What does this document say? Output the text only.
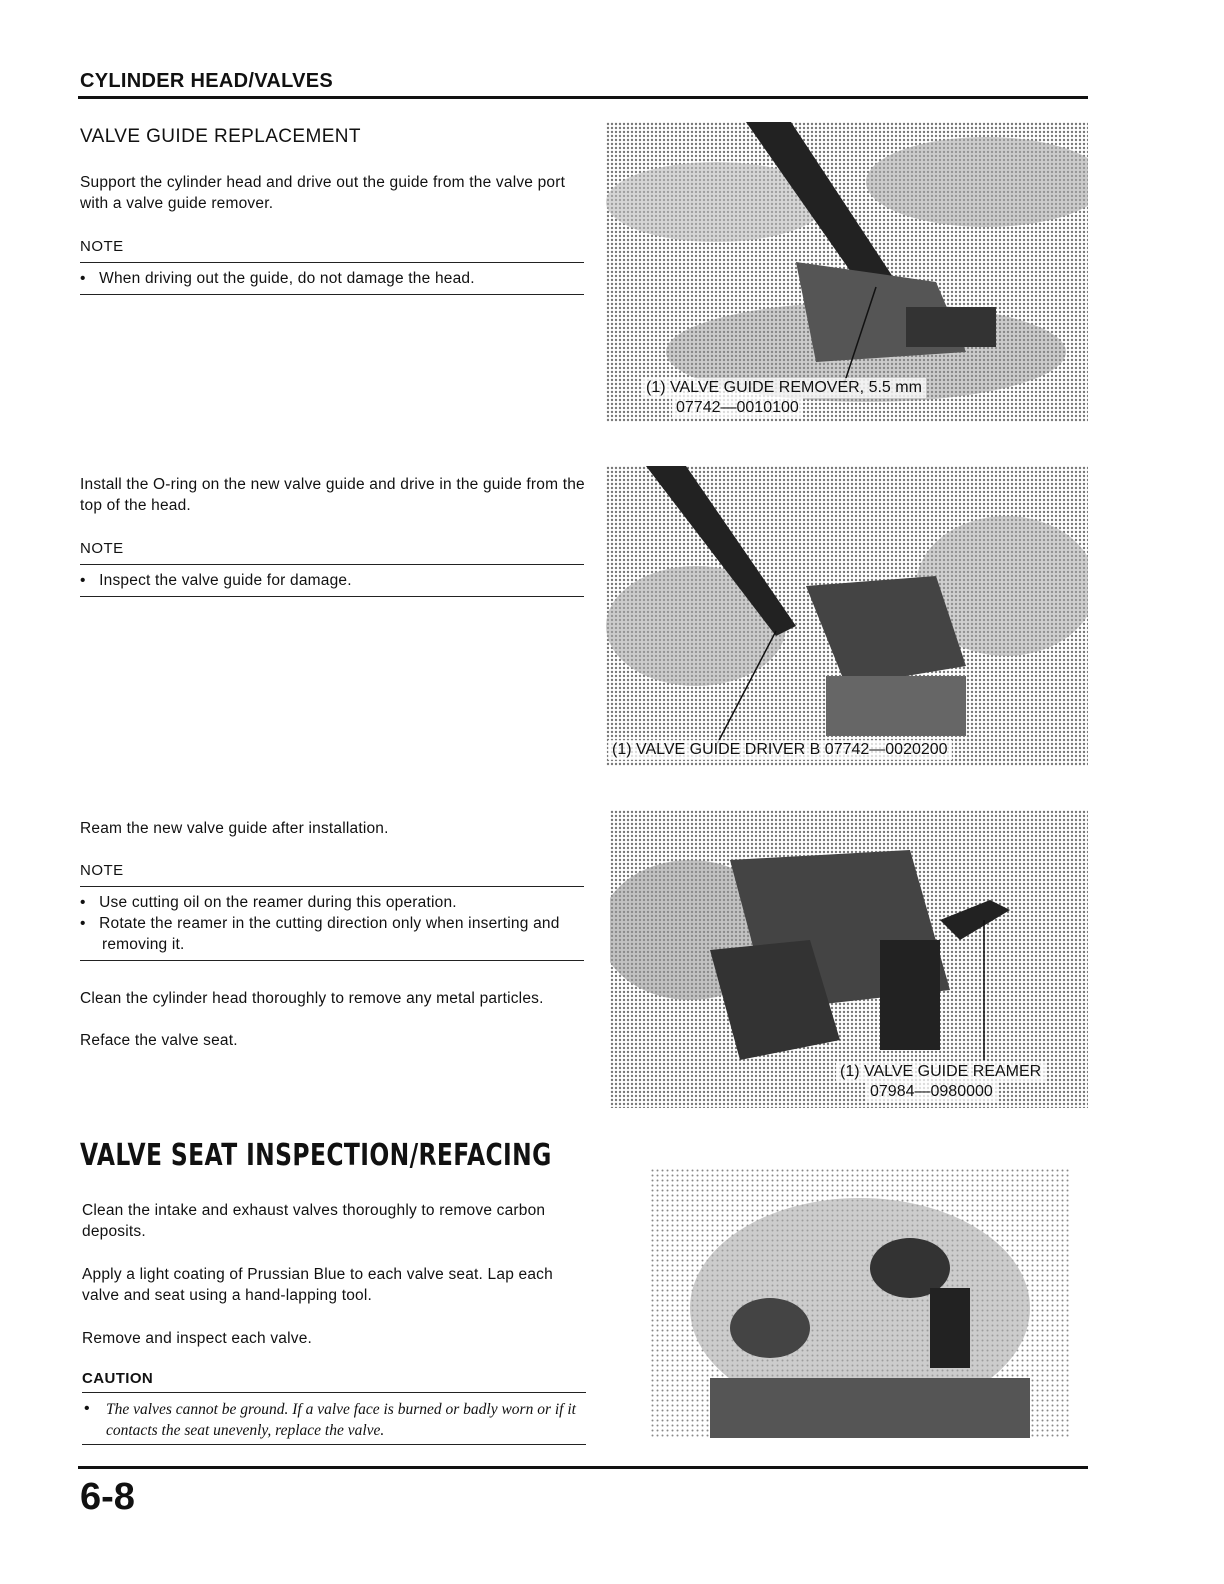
CYLINDER HEAD/VALVES
VALVE GUIDE REPLACEMENT
Support the cylinder head and drive out the guide from the valve port with a valve guide remover.
NOTE
•   When driving out the guide, do not damage the head.
(1) VALVE GUIDE REMOVER, 5.5 mm
07742—0010100
Install the O-ring on the new valve guide and drive in the guide from the top of the head.
NOTE
•   Inspect the valve guide for damage.
(1) VALVE GUIDE DRIVER B 07742—0020200
Ream the new valve guide after installation.
NOTE
•   Use cutting oil on the reamer during this operation.
•   Rotate the reamer in the cutting direction only when inserting and removing it.
Clean the cylinder head thoroughly to remove any metal particles.
Reface the valve seat.
(1) VALVE GUIDE REAMER
07984—0980000
VALVE SEAT INSPECTION/REFACING
Clean the intake and exhaust valves thoroughly to remove carbon deposits.
Apply a light coating of Prussian Blue to each valve seat. Lap each valve and seat using a hand-lapping tool.
Remove and inspect each valve.
CAUTION
• The valves cannot be ground. If a valve face is burned or badly worn or if it contacts the seat unevenly, replace the valve.
6-8
